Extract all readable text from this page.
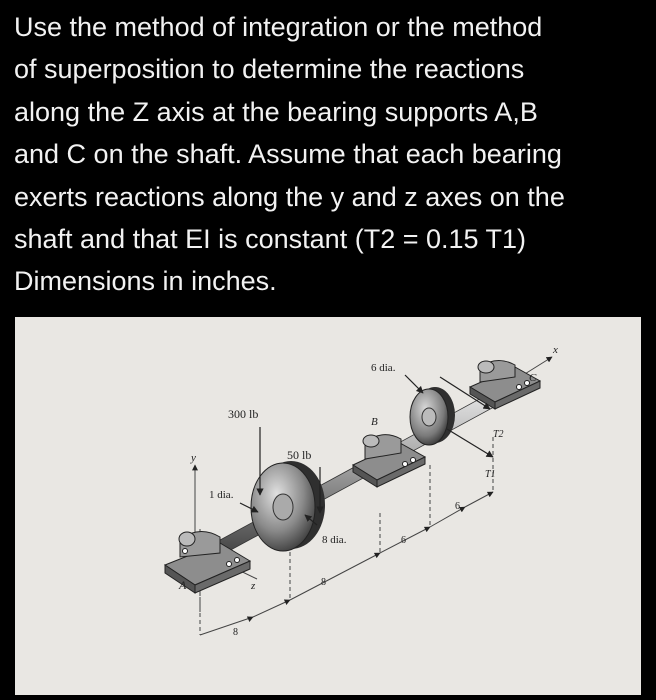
Use the method of integration or the method
of superposition to determine the reactions
along the Z axis at the bearing supports A,B
and C on the shaft. Assume that each bearing
exerts reactions along the y and z axes on the
shaft and that EI is constant (T2 = 0.15 T1)
Dimensions in inches.
300 lb
50 lb
1 dia.
8 dia.
6 dia.
A
B
C
x
y
z
T1
T2
8
8
6
6
